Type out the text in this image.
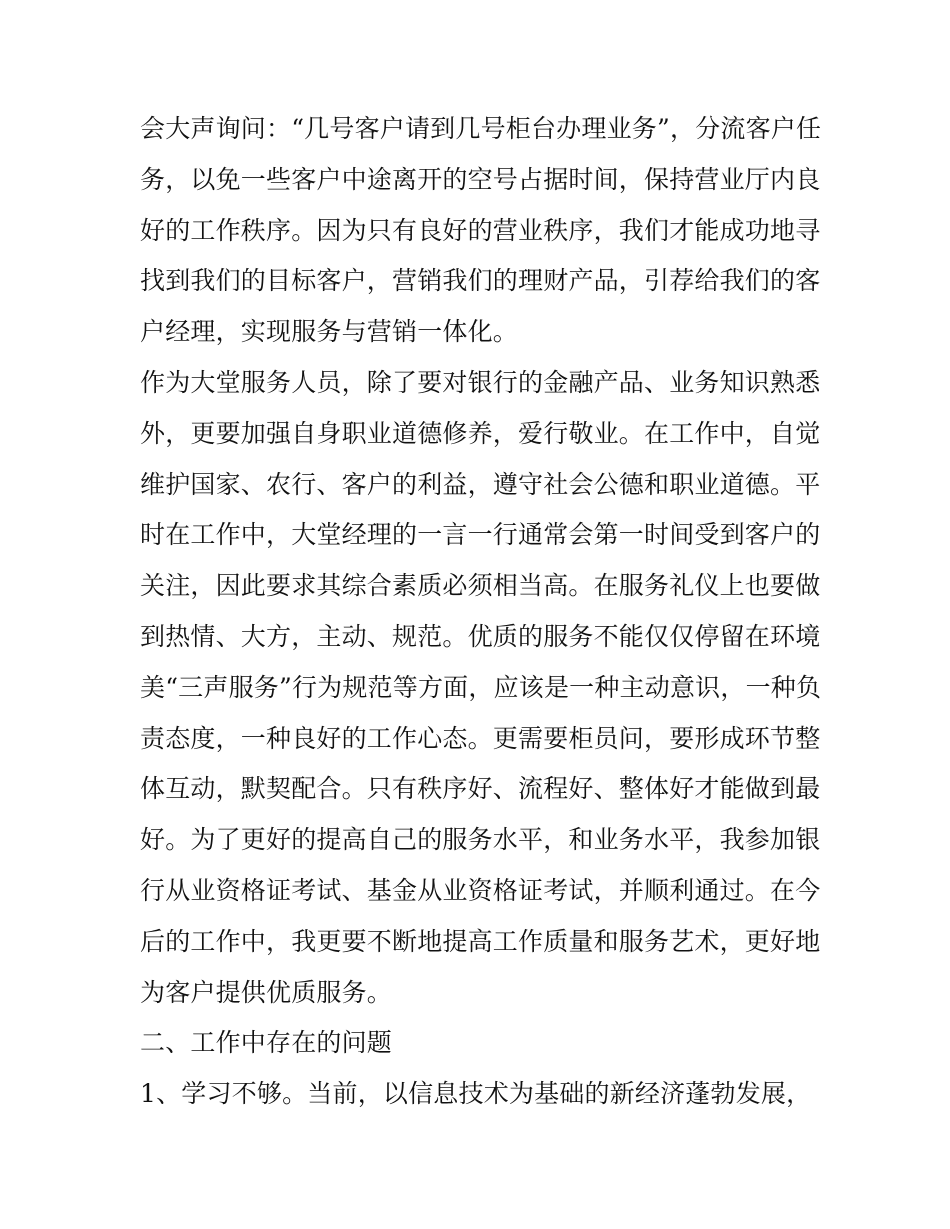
会大声询问：“几号客户请到几号柜台办理业务”，分流客户任
务，以免一些客户中途离开的空号占据时间，保持营业厅内良
好的工作秩序。因为只有良好的营业秩序，我们才能成功地寻
找到我们的目标客户，营销我们的理财产品，引荐给我们的客
户经理，实现服务与营销一体化。
作为大堂服务人员，除了要对银行的金融产品、业务知识熟悉
外，更要加强自身职业道德修养，爱行敬业。在工作中，自觉
维护国家、农行、客户的利益，遵守社会公德和职业道德。平
时在工作中，大堂经理的一言一行通常会第一时间受到客户的
关注，因此要求其综合素质必须相当高。在服务礼仪上也要做
到热情、大方，主动、规范。优质的服务不能仅仅停留在环境
美“三声服务”行为规范等方面，应该是一种主动意识，一种负
责态度，一种良好的工作心态。更需要柜员问，要形成环节整
体互动，默契配合。只有秩序好、流程好、整体好才能做到最
好。为了更好的提高自己的服务水平，和业务水平，我参加银
行从业资格证考试、基金从业资格证考试，并顺利通过。在今
后的工作中，我更要不断地提高工作质量和服务艺术，更好地
为客户提供优质服务。
二、工作中存在的问题
1、学习不够。当前，以信息技术为基础的新经济蓬勃发展，
